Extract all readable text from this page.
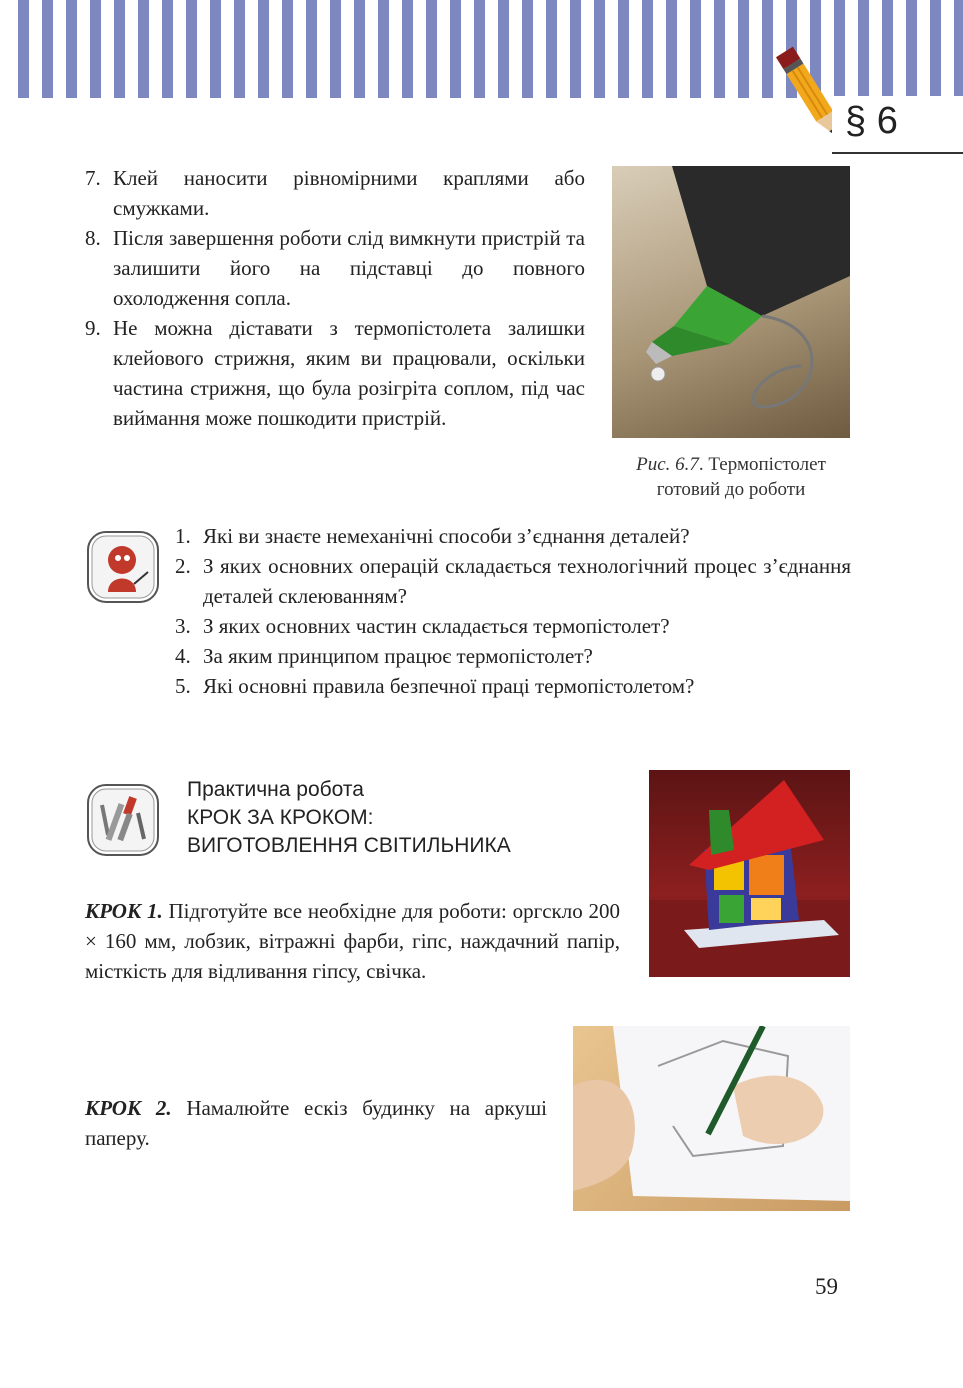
§ 6
7. Клей наносити рівномірними краплями або смужками.
8. Після завершення роботи слід вимкнути пристрій та залишити його на підставці до повного охолодження сопла.
9. Не можна діставати з термопістолета залишки клейового стрижня, яким ви працювали, оскільки частина стрижня, що була розігріта соплом, під час виймання може пошкодити пристрій.
Рис. 6.7. Термопістолет готовий до роботи
1. Які ви знаєте немеханічні способи з’єднання деталей?
2. З яких основних операцій складається технологічний процес з’єднання деталей склеюванням?
3. З яких основних частин складається термопістолет?
4. За яким принципом працює термопістолет?
5. Які основні правила безпечної праці термопістолетом?
Практична робота
КРОК ЗА КРОКОМ:
ВИГОТОВЛЕННЯ СВІТИЛЬНИКА
КРОК 1. Підготуйте все необхідне для роботи: оргскло 200 × 160 мм, лобзик, вітражні фарби, гіпс, наждачний папір, місткість для відливання гіпсу, свічка.
КРОК 2. Намалюйте ескіз будинку на аркуші паперу.
59
